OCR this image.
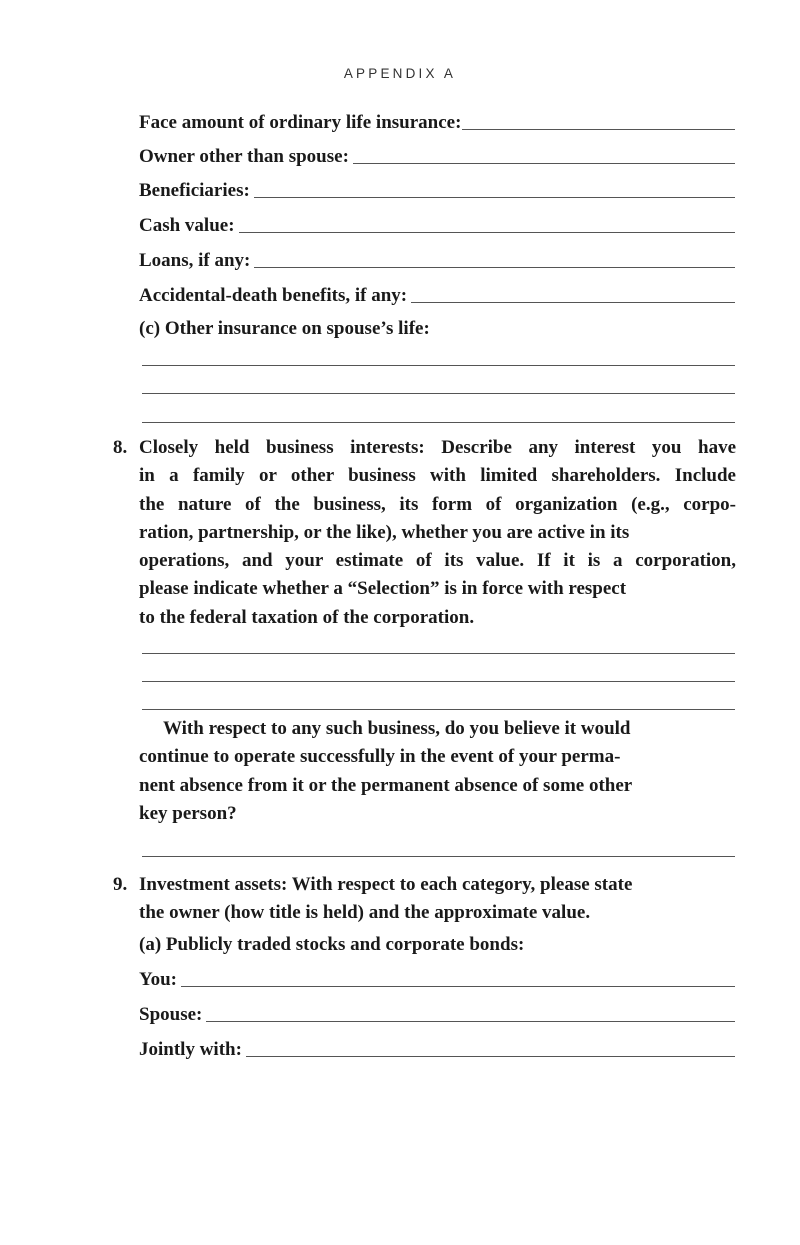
APPENDIX A
Face amount of ordinary life insurance:
Owner other than spouse:
Beneficiaries:
Cash value:
Loans, if any:
Accidental-death benefits, if any:
(c) Other insurance on spouse’s life:
8. Closely held business interests: Describe any interest you have
in a family or other business with limited shareholders. Include
the nature of the business, its form of organization (e.g., corpo-
ration, partnership, or the like), whether you are active in its
operations, and your estimate of its value. If it is a corporation,
please indicate whether a “Selection” is in force with respect
to the federal taxation of the corporation.
With respect to any such business, do you believe it would
continue to operate successfully in the event of your perma-
nent absence from it or the permanent absence of some other
key person?
9. Investment assets: With respect to each category, please state
the owner (how title is held) and the approximate value.
(a) Publicly traded stocks and corporate bonds:
You:
Spouse:
Jointly with:
